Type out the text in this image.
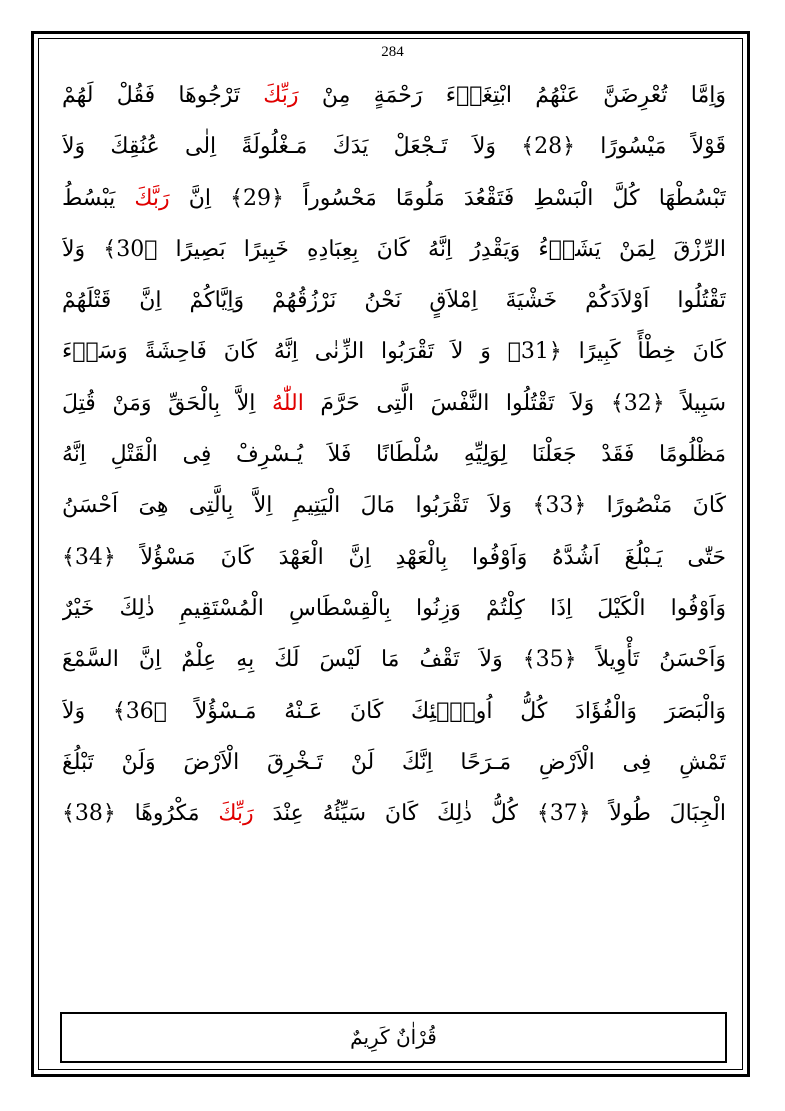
284
وَاِمَّا تُعْرِضَنَّ عَنْهُمُ ابْتِغَاۤءَ رَحْمَةٍ مِنْ رَبِّكَ تَرْجُوهَا فَقُلْ لَهُمْ
قَوْلاً مَيْسُورًا ﴿28﴾ وَلاَ تَـجْعَلْ يَدَكَ مَـغْلُولَةً اِلٰى عُنُقِكَ وَلاَ
تَبْسُطْهَا كُلَّ الْبَسْطِ فَتَقْعُدَ مَلُومًا مَحْسُوراً ﴿29﴾ اِنَّ رَبَّكَ يَبْسُطُ
الرِّزْقَ لِمَنْ يَشَاۤءُ وَيَقْدِرُ اِنَّهُ كَانَ بِعِبَادِهِ خَبِيرًا بَصِيرًا ﴿30﴾ وَلاَ
تَقْتُلُوا اَوْلاَدَكُمْ خَشْيَةَ اِمْلاَقٍ نَحْنُ نَرْزُقُهُمْ وَاِيَّاكُمْ اِنَّ قَتْلَهُمْ
كَانَ خِطْأً كَبِيرًا ﴿31﴾ وَ لاَ تَقْرَبُوا الزِّنٰى اِنَّهُ كَانَ فَاحِشَةً وَسَاۤءَ
سَبِيلاً ﴿32﴾ وَلاَ تَقْتُلُوا النَّفْسَ الَّتِى حَرَّمَ اللّٰهُ اِلاَّ بِالْحَقِّ وَمَنْ قُتِلَ
مَظْلُومًا فَقَدْ جَعَلْنَا لِوَلِيِّهِ سُلْطَانًا فَلاَ يُـسْرِفْ فِى الْقَتْلِ اِنَّهُ
كَانَ مَنْصُورًا ﴿33﴾ وَلاَ تَقْرَبُوا مَالَ الْيَتِيمِ اِلاَّ بِالَّتِى هِىَ اَحْسَنُ
حَتّٰى يَـبْلُغَ اَشُدَّهُ وَاَوْفُوا بِالْعَهْدِ اِنَّ الْعَهْدَ كَانَ مَسْؤُلاً ﴿34﴾
وَاَوْفُوا الْكَيْلَ اِذَا كِلْتُمْ وَزِنُوا بِالْقِسْطَاسِ الْمُسْتَقِيمِ ذٰلِكَ خَيْرٌ
وَاَحْسَنُ تَأْوِيلاً ﴿35﴾ وَلاَ تَقْفُ مَا لَيْسَ لَكَ بِهِ عِلْمٌ اِنَّ السَّمْعَ
وَالْبَصَرَ وَالْفُؤَادَ كُلُّ اُولٰۤئِكَ كَانَ عَـنْهُ مَـسْؤُلاً ﴿36﴾ وَلاَ
تَمْشِ فِى الْاَرْضِ مَـرَحًا اِنَّكَ لَنْ تَـخْرِقَ الْاَرْضَ وَلَنْ تَبْلُغَ
الْجِبَالَ طُولاً ﴿37﴾ كُلُّ ذٰلِكَ كَانَ سَيِّئُهُ عِنْدَ رَبِّكَ مَكْرُوهًا ﴿38﴾
قُرْاٰنٌ كَرِيمٌ
